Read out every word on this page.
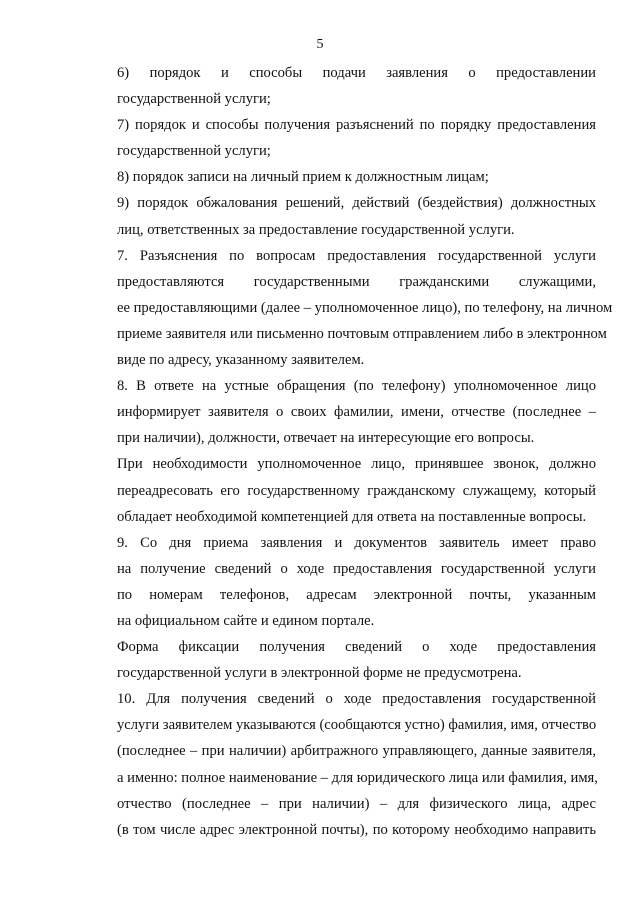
5

6) порядок и способы подачи заявления о предоставлении
государственной услуги;

7) порядок и способы получения разъяснений по порядку предоставления
государственной услуги;

8) порядок записи на личный прием к должностным лицам;

9) порядок обжалования решений, действий (бездействия) должностных
лиц, ответственных за предоставление государственной услуги.

7. Разъяснения по вопросам предоставления государственной услуги
предоставляются государственными гражданскими служащими,
ее предоставляющими (далее – уполномоченное лицо), по телефону, на личном
приеме заявителя или письменно почтовым отправлением либо в электронном
виде по адресу, указанному заявителем.

8. В ответе на устные обращения (по телефону) уполномоченное лицо
информирует заявителя о своих фамилии, имени, отчестве (последнее –
при наличии), должности, отвечает на интересующие его вопросы.

При необходимости уполномоченное лицо, принявшее звонок, должно
переадресовать его государственному гражданскому служащему, который
обладает необходимой компетенцией для ответа на поставленные вопросы.

9. Со дня приема заявления и документов заявитель имеет право
на получение сведений о ходе предоставления государственной услуги
по номерам телефонов, адресам электронной почты, указанным
на официальном сайте и едином портале.

Форма фиксации получения сведений о ходе предоставления
государственной услуги в электронной форме не предусмотрена.

10. Для получения сведений о ходе предоставления государственной
услуги заявителем указываются (сообщаются устно) фамилия, имя, отчество
(последнее – при наличии) арбитражного управляющего, данные заявителя,
а именно: полное наименование – для юридического лица или фамилия, имя,
отчество (последнее – при наличии) – для физического лица, адрес
(в том числе адрес электронной почты), по которому необходимо направить
